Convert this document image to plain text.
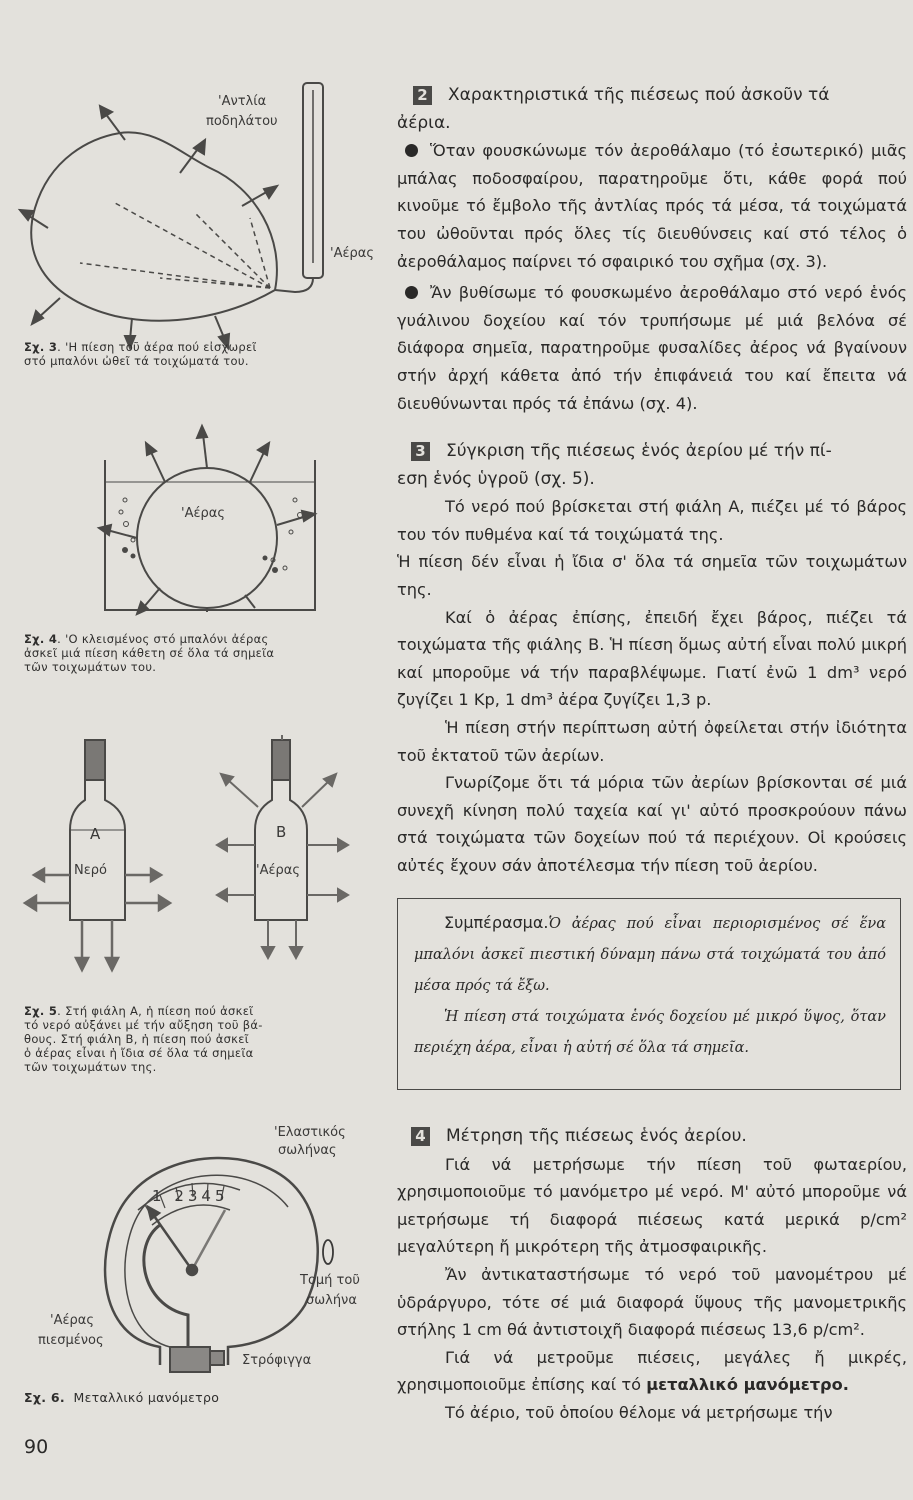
'Αντλία
ποδηλάτου
'Αέρας
Σχ. 3. 'Η πίεση τοῦ ἀέρα πού εἰσχωρεῖ
στό μπαλόνι ὠθεῖ τά τοιχώματά του.
'Αέρας
Σχ. 4. 'Ο κλεισμένος στό μπαλόνι ἀέρας
ἀσκεῖ μιά πίεση κάθετη σέ ὅλα τά σημεῖα
τῶν τοιχωμάτων του.
A
Νερό
B
'Αέρας
Σχ. 5. Στή φιάλη Α, ἡ πίεση πού ἀσκεῖ
τό νερό αὐξάνει μέ τήν αὔξηση τοῦ βά-
θους. Στή φιάλη Β, ἡ πίεση πού ἀσκεῖ
ὁ ἀέρας εἶναι ἡ ἴδια σέ ὅλα τά σημεῖα
τῶν τοιχωμάτων της.
'Ελαστικός
σωλήνας
1 2345
Τομή τοῦ
σωλήνα
'Αέρας
πιεσμένος
Στρόφιγγα
Σχ. 6. Μεταλλικό μανόμετρο
2 Χαρακτηριστικά τῆς πιέσεως πού ἀσκοῦν τά

ἀέρια.

Ὅταν φουσκώνωμε τόν ἀεροθάλαμο (τό ἐσωτερικό) μιᾶς μπάλας ποδοσφαίρου, παρατηροῦμε ὅτι, κάθε φορά πού κινοῦμε τό ἔμβολο τῆς ἀντλίας πρός τά μέσα, τά τοιχώματά του ὠθοῦνται πρός ὅλες τίς διευθύνσεις καί στό τέλος ὁ ἀεροθάλαμος παίρνει τό σφαιρικό του σχῆμα (σχ. 3).

Ἄν βυθίσωμε τό φουσκωμένο ἀεροθάλαμο στό νερό ἑνός γυάλινου δοχείου καί τόν τρυπήσωμε μέ μιά βελόνα σέ διάφορα σημεῖα, παρατηροῦμε φυσαλίδες ἀέρος νά βγαίνουν στήν ἀρχή κάθετα ἀπό τήν ἐπιφάνειά του καί ἔπειτα νά διευθύνωνται πρός τά ἐπάνω (σχ. 4).

3 Σύγκριση τῆς πιέσεως ἑνός ἀερίου μέ τήν πί-

εση ἑνός ὑγροῦ (σχ. 5).

Τό νερό πού βρίσκεται στή φιάλη Α, πιέζει μέ τό βάρος του τόν πυθμένα καί τά τοιχώματά της.

Ἡ πίεση δέν εἶναι ἡ ἴδια σ' ὅλα τά σημεῖα τῶν τοιχωμάτων της.

Καί ὁ ἀέρας ἐπίσης, ἐπειδή ἔχει βάρος, πιέζει τά τοιχώματα τῆς φιάλης Β. Ἡ πίεση ὅμως αὐτή εἶναι πολύ μικρή καί μποροῦμε νά τήν παραβλέψωμε. Γιατί ἐνῶ 1 dm³ νερό ζυγίζει 1 Kp, 1 dm³ ἀέρα ζυγίζει 1,3 p.

Ἡ πίεση στήν περίπτωση αὐτή ὀφείλεται στήν ἰδιότητα τοῦ ἐκτατοῦ τῶν ἀερίων.

Γνωρίζομε ὅτι τά μόρια τῶν ἀερίων βρίσκονται σέ μιά συνεχῆ κίνηση πολύ ταχεία καί γι' αὐτό προσκρούουν πάνω στά τοιχώματα τῶν δοχείων πού τά περιέχουν. Οἱ κρούσεις αὐτές ἔχουν σάν ἀποτέλεσμα τήν πίεση τοῦ ἀερίου.

Συμπέρασμα.Ὁ ἀέρας πού εἶναι περιορισμένος σέ ἕνα μπαλόνι ἀσκεῖ πιεστική δύναμη πάνω στά τοιχώματά του ἀπό μέσα πρός τά ἔξω.

Ἡ πίεση στά τοιχώματα ἑνός δοχείου μέ μικρό ὕψος, ὅταν περιέχη ἀέρα, εἶναι ἡ αὐτή σέ ὅλα τά σημεῖα.

4 Μέτρηση τῆς πιέσεως ἑνός ἀερίου.

Γιά νά μετρήσωμε τήν πίεση τοῦ φωταερίου, χρησιμοποιοῦμε τό μανόμετρο μέ νερό. Μ' αὐτό μποροῦμε νά μετρήσωμε τή διαφορά πιέσεως κατά μερικά p/cm² μεγαλύτερη ἤ μικρότερη τῆς ἀτμοσφαιρικῆς.

Ἄν ἀντικαταστήσωμε τό νερό τοῦ μανομέτρου μέ ὑδράργυρο, τότε σέ μιά διαφορά ὕψους τῆς μανομετρικῆς στήλης 1 cm θά ἀντιστοιχῆ διαφορά πιέσεως 13,6 p/cm².

Γιά νά μετροῦμε πιέσεις, μεγάλες ἤ μικρές, χρησιμοποιοῦμε ἐπίσης καί τό μεταλλικό μανόμετρο.

Τό ἀέριο, τοῦ ὁποίου θέλομε νά μετρήσωμε τήν

90
